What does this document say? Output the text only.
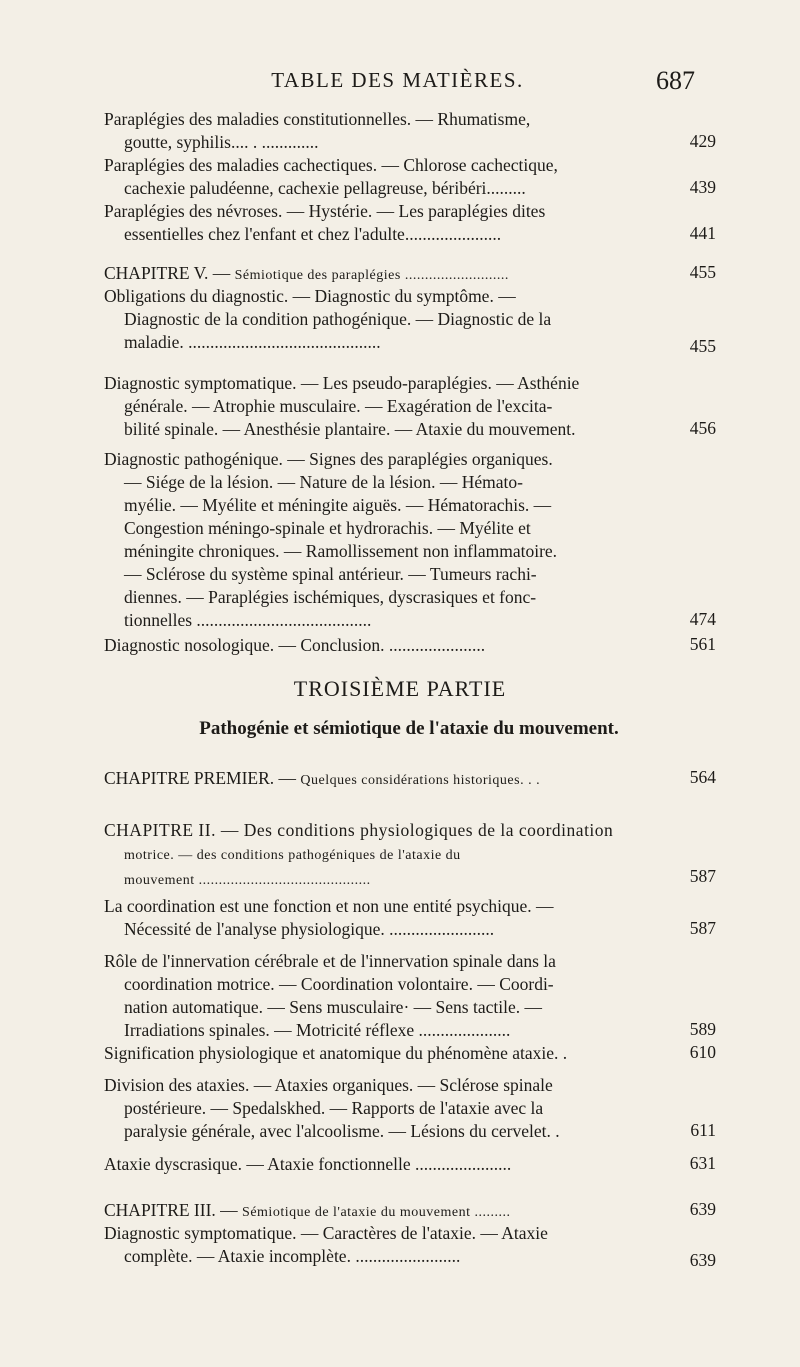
TABLE DES MATIÈRES.	687
Paraplégies des maladies constitutionnelles. — Rhumatisme,
goutte, syphilis.... . .............	429
Paraplégies des maladies cachectiques. — Chlorose cachectique,
cachexie paludéenne, cachexie pellagreuse, béribéri.........	439
Paraplégies des névroses. — Hystérie. — Les paraplégies dites
essentielles chez l'enfant et chez l'adulte......................	441
CHAPITRE V. — Sémiotique des paraplégies ..........................	455
Obligations du diagnostic. — Diagnostic du symptôme. —
Diagnostic de la condition pathogénique. — Diagnostic de la
maladie. ............................................	455
Diagnostic symptomatique. — Les pseudo-paraplégies. — Asthénie
générale. — Atrophie musculaire. — Exagération de l'excita-
bilité spinale. — Anesthésie plantaire. — Ataxie du mouvement.	456
Diagnostic pathogénique. — Signes des paraplégies organiques.
— Siége de la lésion. — Nature de la lésion. — Hémato-
myélie. — Myélite et méningite aiguës. — Hématorachis. —
Congestion méningo-spinale et hydrorachis. — Myélite et
méningite chroniques. — Ramollissement non inflammatoire.
— Sclérose du système spinal antérieur. — Tumeurs rachi-
diennes. — Paraplégies ischémiques, dyscrasiques et fonc-
tionnelles ........................................	474
Diagnostic nosologique. — Conclusion. ......................	561
TROISIÈME PARTIE
Pathogénie et sémiotique de l'ataxie du mouvement.
CHAPITRE PREMIER. — Quelques considérations historiques. . .	564
CHAPITRE II. — Des conditions physiologiques de la coordination
motrice. — des conditions pathogéniques de l'ataxie du
mouvement ...........................................	587
La coordination est une fonction et non une entité psychique. —
Nécessité de l'analyse physiologique. ........................	587
Rôle de l'innervation cérébrale et de l'innervation spinale dans la
coordination motrice. — Coordination volontaire. — Coordi-
nation automatique. — Sens musculaire· — Sens tactile. —
Irradiations spinales. — Motricité réflexe .....................	589
Signification physiologique et anatomique du phénomène ataxie. .	610
Division des ataxies. — Ataxies organiques. — Sclérose spinale
postérieure. — Spedalskhed. — Rapports de l'ataxie avec la
paralysie générale, avec l'alcoolisme. — Lésions du cervelet. .	611
Ataxie dyscrasique. — Ataxie fonctionnelle ......................	631
CHAPITRE III. — Sémiotique de l'ataxie du mouvement .........	639
Diagnostic symptomatique. — Caractères de l'ataxie. — Ataxie
complète. — Ataxie incomplète. ........................	639
